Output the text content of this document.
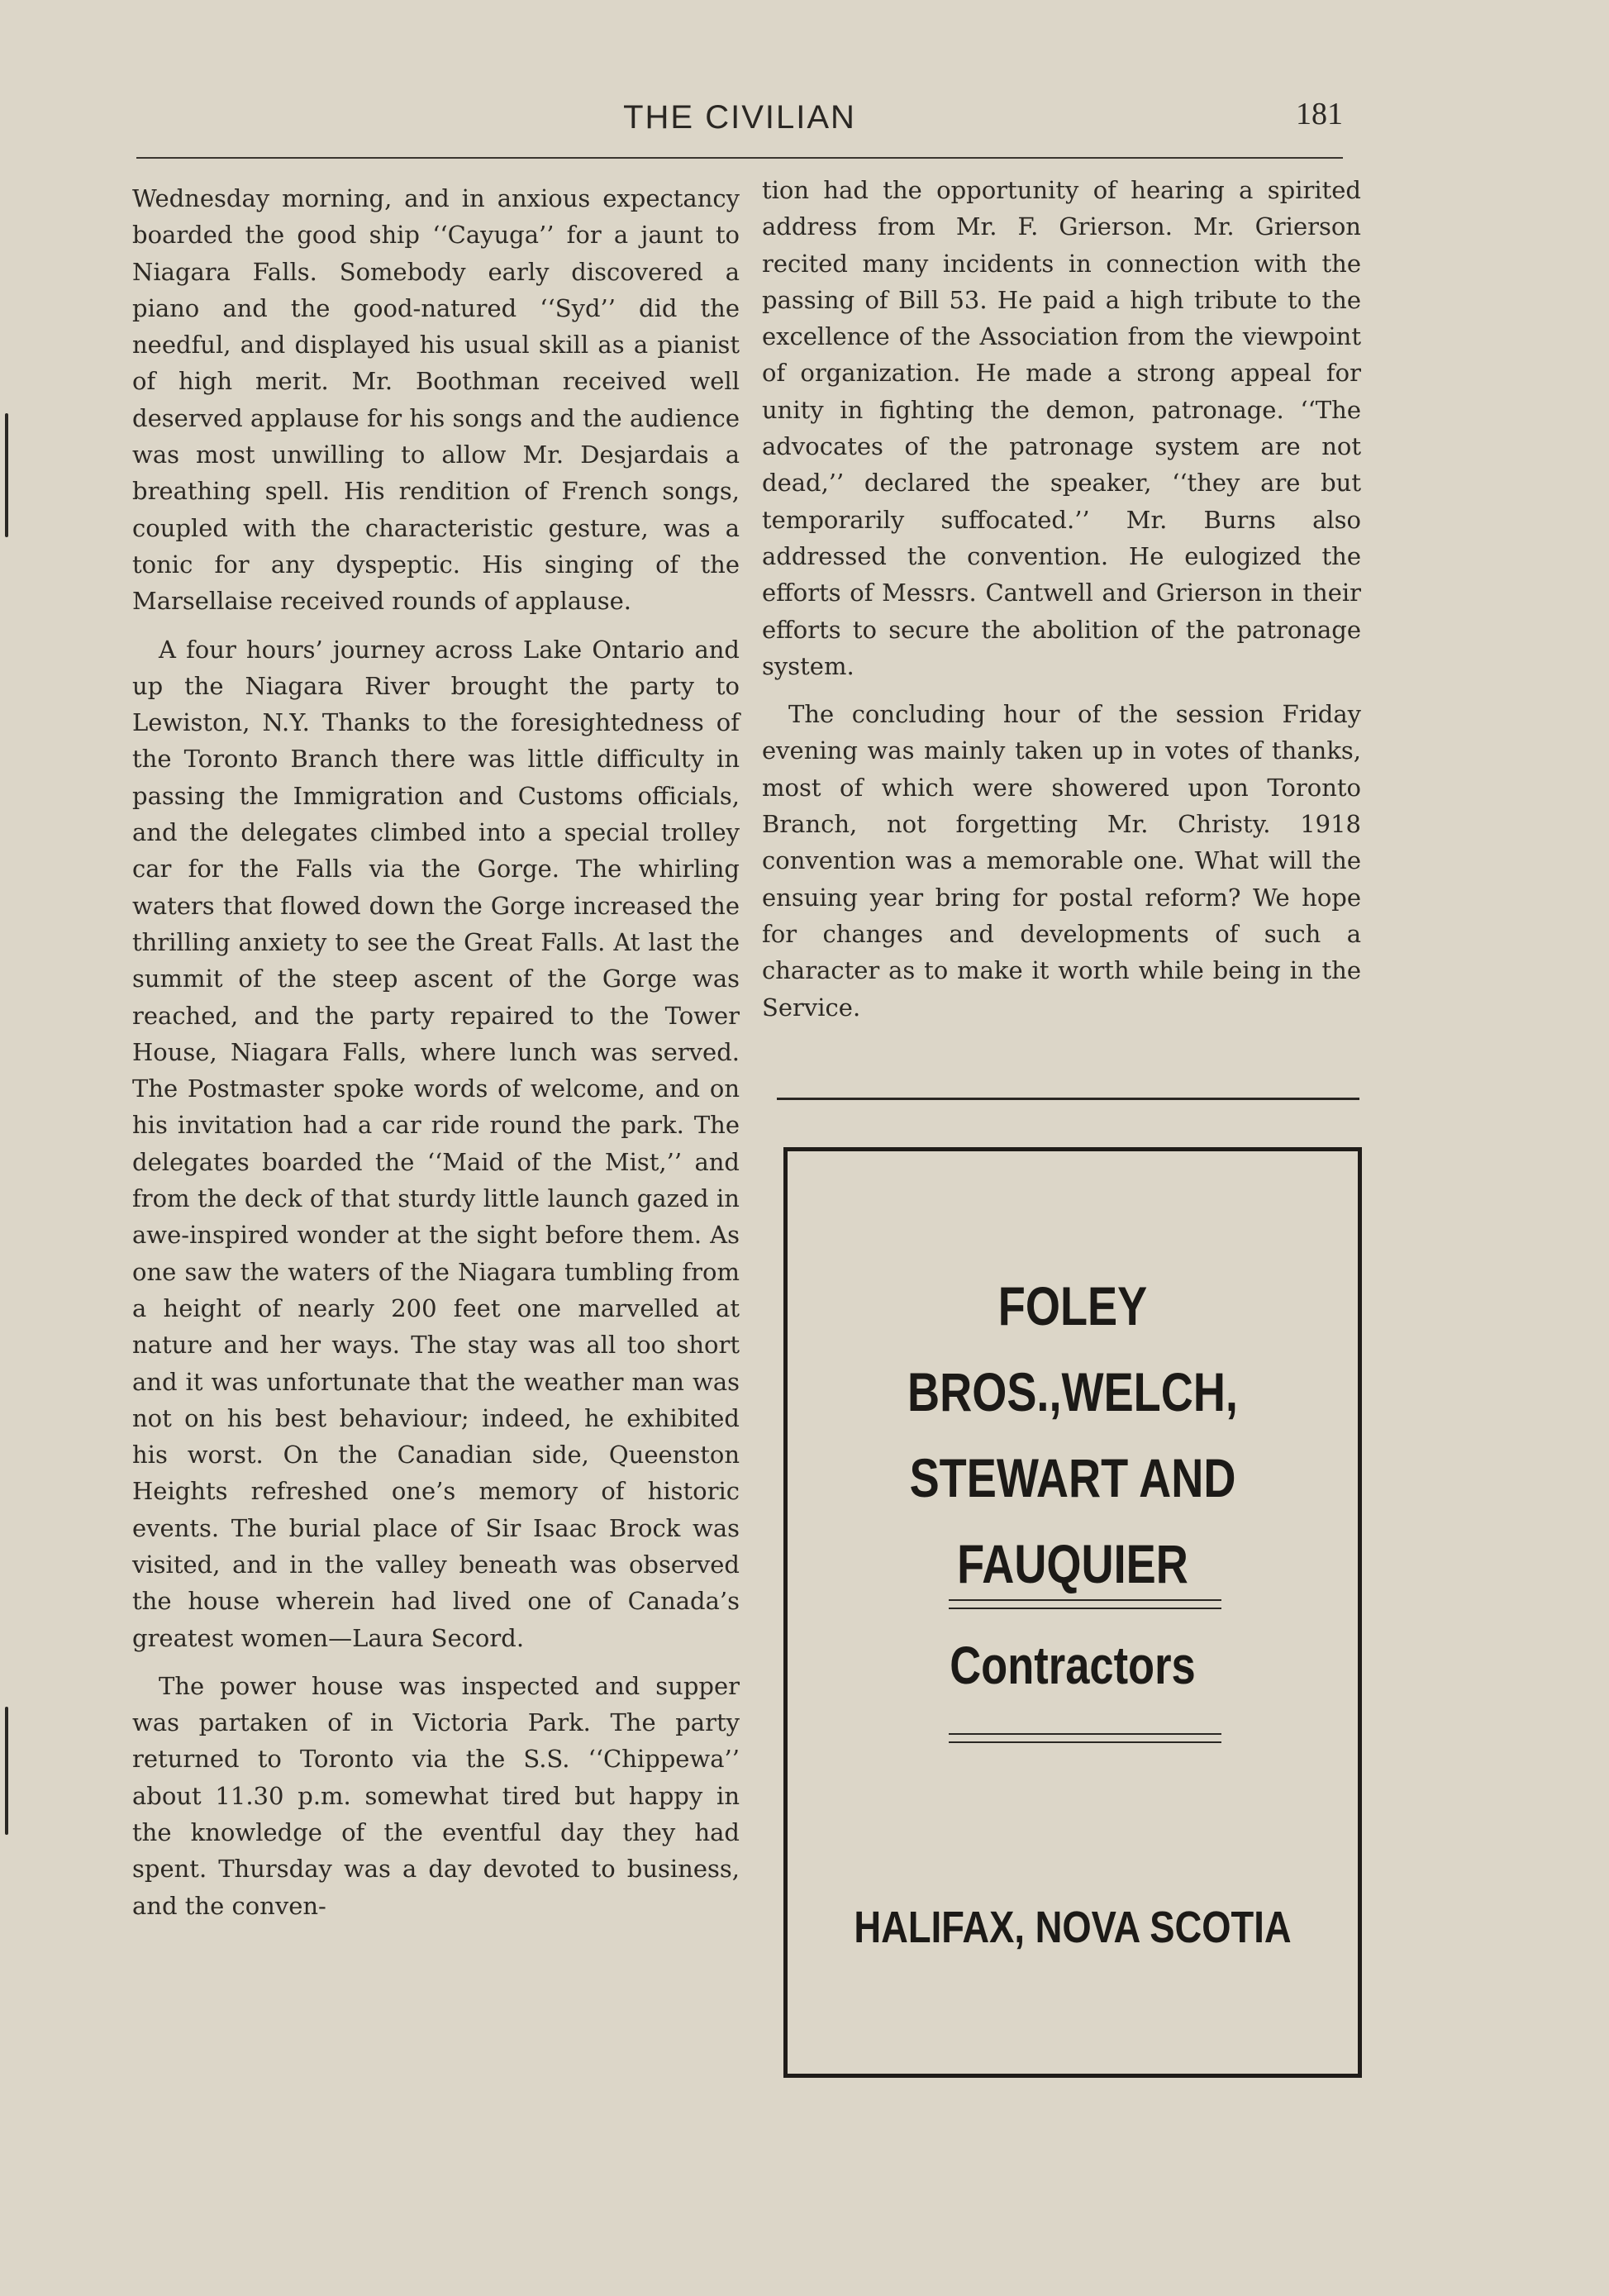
THE CIVILIAN	181

Wednesday morning, and in anxious expectancy boarded the good ship ‘‘Cayuga’’ for a jaunt to Niagara Falls. Somebody early discovered a piano and the good-natured ‘‘Syd’’ did the needful, and displayed his usual skill as a pianist of high merit. Mr. Boothman received well deserved applause for his songs and the audience was most unwilling to allow Mr. Desjardais a breathing spell. His rendition of French songs, coupled with the characteristic gesture, was a tonic for any dyspeptic. His singing of the Marsellaise received rounds of applause.

A four hours’ journey across Lake Ontario and up the Niagara River brought the party to Lewiston, N.Y. Thanks to the foresightedness of the Toronto Branch there was little difficulty in passing the Immigration and Customs officials, and the delegates climbed into a special trolley car for the Falls via the Gorge. The whirling waters that flowed down the Gorge increased the thrilling anxiety to see the Great Falls. At last the summit of the steep ascent of the Gorge was reached, and the party repaired to the Tower House, Niagara Falls, where lunch was served. The Postmaster spoke words of welcome, and on his invitation had a car ride round the park. The delegates boarded the ‘‘Maid of the Mist,’’ and from the deck of that sturdy little launch gazed in awe-inspired wonder at the sight before them. As one saw the waters of the Niagara tumbling from a height of nearly 200 feet one marvelled at nature and her ways. The stay was all too short and it was unfortunate that the weather man was not on his best behaviour; indeed, he exhibited his worst. On the Canadian side, Queenston Heights refreshed one’s memory of historic events. The burial place of Sir Isaac Brock was visited, and in the valley beneath was observed the house wherein had lived one of Canada’s greatest women—Laura Secord.

The power house was inspected and supper was partaken of in Victoria Park. The party returned to Toronto via the S.S. ‘‘Chippewa’’ about 11.30 p.m. somewhat tired but happy in the knowledge of the eventful day they had spent. Thursday was a day devoted to business, and the conven-

tion had the opportunity of hearing a spirited address from Mr. F. Grierson. Mr. Grierson recited many incidents in connection with the passing of Bill 53. He paid a high tribute to the excellence of the Association from the viewpoint of organization. He made a strong appeal for unity in fighting the demon, patronage. ‘‘The advocates of the patronage system are not dead,’’ declared the speaker, ‘‘they are but temporarily suffocated.’’ Mr. Burns also addressed the convention. He eulogized the efforts of Messrs. Cantwell and Grierson in their efforts to secure the abolition of the patronage system.

The concluding hour of the session Friday evening was mainly taken up in votes of thanks, most of which were showered upon Toronto Branch, not forgetting Mr. Christy. 1918 convention was a memorable one. What will the ensuing year bring for postal reform? We hope for changes and developments of such a character as to make it worth while being in the Service.

FOLEY BROS.,WELCH,
STEWART AND
FAUQUIER
Contractors
HALIFAX, NOVA SCOTIA
